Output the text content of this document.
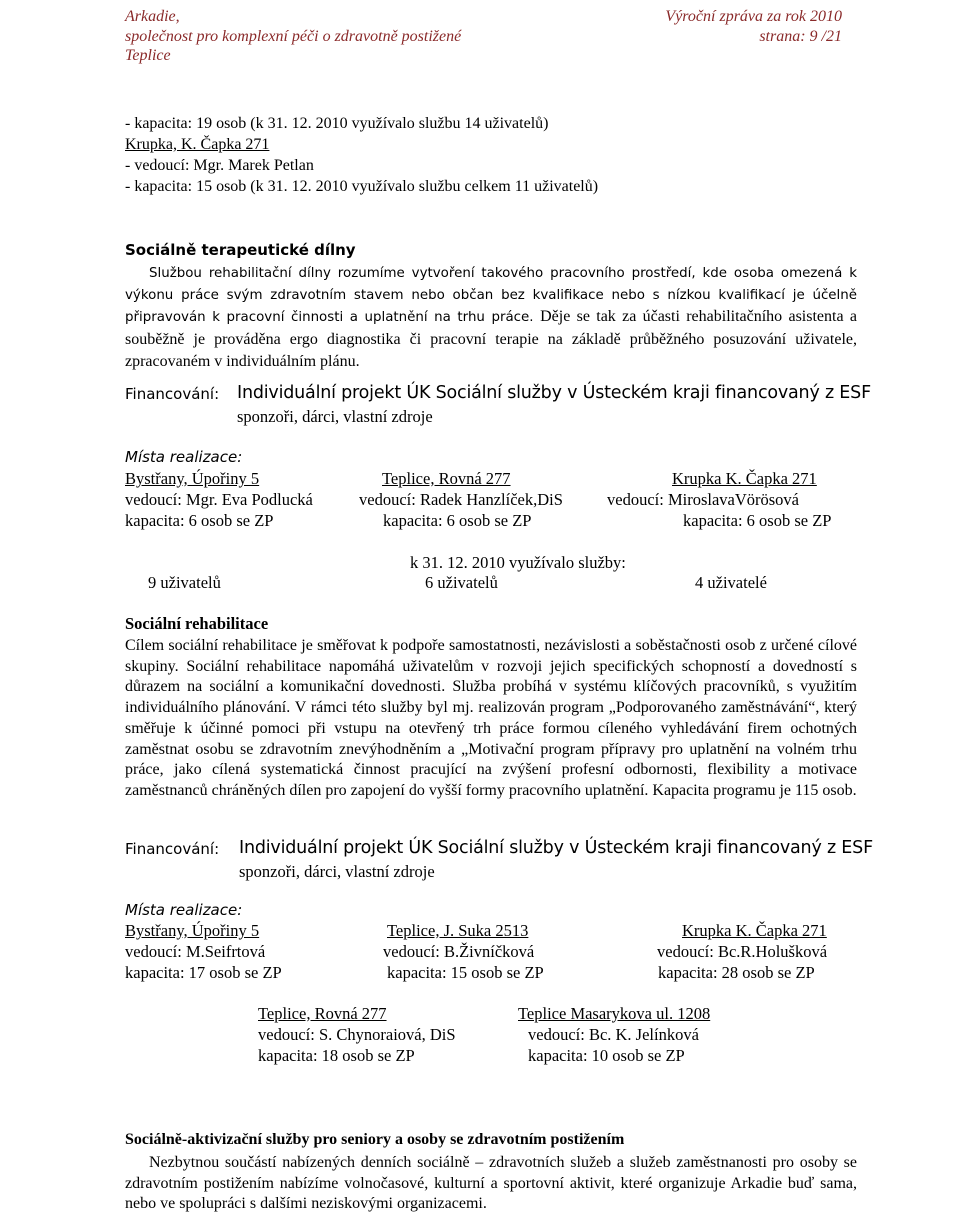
Arkadie,
společnost pro komplexní péči o zdravotně postižené
Teplice
Výroční zpráva za rok 2010
strana: 9 /21
- kapacita: 19 osob (k 31. 12. 2010 využívalo službu 14 uživatelů)
Krupka, K. Čapka 271
- vedoucí: Mgr. Marek Petlan
- kapacita: 15 osob (k 31. 12. 2010 využívalo službu celkem 11 uživatelů)
Sociálně terapeutické dílny

Službou rehabilitační dílny rozumíme vytvoření takového pracovního prostředí, kde osoba omezená k výkonu práce svým zdravotním stavem nebo občan bez kvalifikace nebo s nízkou kvalifikací je účelně připravován k pracovní činnosti a uplatnění na trhu práce. Děje se tak za účasti rehabilitačního asistenta a souběžně je prováděna ergo diagnostika či pracovní terapie na základě průběžného posuzování uživatele, zpracovaném v individuálním plánu.

Financování: Individuální projekt ÚK Sociální služby v Ústeckém kraji financovaný z ESF
sponzoři, dárci, vlastní zdroje
Místa realizace:
Bystřany, Úpořiny 5	Teplice, Rovná 277	Krupka K. Čapka 271
vedoucí: Mgr. Eva Podlucká	vedoucí: Radek Hanzlíček,DiS	vedoucí: MiroslavaVörösová
kapacita: 6 osob se ZP	kapacita: 6 osob se ZP	kapacita: 6 osob se ZP
k 31. 12. 2010 využívalo služby:
9 uživatelů	6 uživatelů	4 uživatelé
Sociální rehabilitace
Cílem sociální rehabilitace je směřovat k podpoře samostatnosti, nezávislosti a soběstačnosti osob z určené cílové skupiny. Sociální rehabilitace napomáhá uživatelům v rozvoji jejich specifických schopností a dovedností s důrazem na sociální a komunikační dovednosti. Služba probíhá v systému klíčových pracovníků, s využitím individuálního plánování. V rámci této služby byl mj. realizován program „Podporovaného zaměstnávání“, který směřuje k účinné pomoci při vstupu na otevřený trh práce formou cíleného vyhledávání firem ochotných zaměstnat osobu se zdravotním znevýhodněním a „Motivační program přípravy pro uplatnění na volném trhu práce, jako cílená systematická činnost pracující na zvýšení profesní odbornosti, flexibility a motivace zaměstnanců chráněných dílen pro zapojení do vyšší formy pracovního uplatnění. Kapacita programu je 115 osob.
Financování: Individuální projekt ÚK Sociální služby v Ústeckém kraji financovaný z ESF
sponzoři, dárci, vlastní zdroje
Místa realizace:
Bystřany, Úpořiny 5	Teplice, J. Suka 2513	Krupka K. Čapka 271
vedoucí: M.Seifrtová	vedoucí: B.Živníčková	vedoucí: Bc.R.Holušková
kapacita: 17 osob se ZP	kapacita: 15 osob se ZP	kapacita: 28 osob se ZP
Teplice, Rovná 277	Teplice Masarykova ul. 1208
vedoucí: S. Chynoraiová, DiS	vedoucí: Bc. K. Jelínková
kapacita: 18 osob se ZP	kapacita: 10 osob se ZP
Sociálně-aktivizační služby pro seniory a osoby se zdravotním postižením

Nezbytnou součástí nabízených denních sociálně – zdravotních služeb a služeb zaměstnanosti pro osoby se zdravotním postižením nabízíme volnočasové, kulturní a sportovní aktivit, které organizuje Arkadie buď sama, nebo ve spolupráci s dalšími neziskovými organizacemi.
